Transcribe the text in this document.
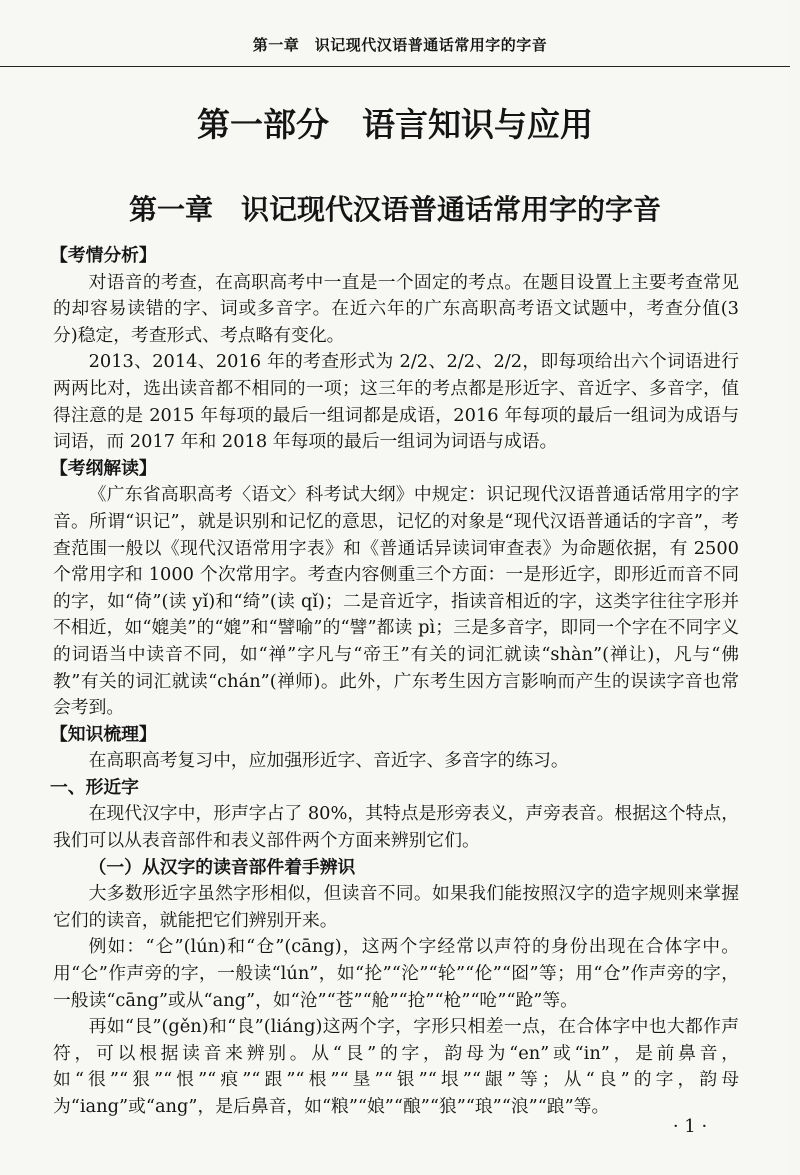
第一章　识记现代汉语普通话常用字的字音
第一部分　语言知识与应用
第一章　识记现代汉语普通话常用字的字音
【考情分析】

对语音的考查，在高职高考中一直是一个固定的考点。在题目设置上主要考查常见的却容易读错的字、词或多音字。在近六年的广东高职高考语文试题中，考查分值(3 分)稳定，考查形式、考点略有变化。

2013、2014、2016 年的考查形式为 2/2、2/2、2/2，即每项给出六个词语进行两两比对，选出读音都不相同的一项；这三年的考点都是形近字、音近字、多音字，值得注意的是 2015 年每项的最后一组词都是成语，2016 年每项的最后一组词为成语与词语，而 2017 年和 2018 年每项的最后一组词为词语与成语。

【考纲解读】

《广东省高职高考〈语文〉科考试大纲》中规定：识记现代汉语普通话常用字的字音。所谓“识记”，就是识别和记忆的意思，记忆的对象是“现代汉语普通话的字音”，考查范围一般以《现代汉语常用字表》和《普通话异读词审查表》为命题依据，有 2500 个常用字和 1000 个次常用字。考查内容侧重三个方面：一是形近字，即形近而音不同的字，如“倚”(读 yǐ)和“绮”(读 qǐ)；二是音近字，指读音相近的字，这类字往往字形并不相近，如“媲美”的“媲”和“譬喻”的“譬”都读 pì；三是多音字，即同一个字在不同字义的词语当中读音不同，如“禅”字凡与“帝王”有关的词汇就读“shàn”(禅让)，凡与“佛教”有关的词汇就读“chán”(禅师)。此外，广东考生因方言影响而产生的误读字音也常会考到。

【知识梳理】

在高职高考复习中，应加强形近字、音近字、多音字的练习。

一、形近字

在现代汉字中，形声字占了 80%，其特点是形旁表义，声旁表音。根据这个特点，我们可以从表音部件和表义部件两个方面来辨别它们。

（一）从汉字的读音部件着手辨识

大多数形近字虽然字形相似，但读音不同。如果我们能按照汉字的造字规则来掌握它们的读音，就能把它们辨别开来。

例如：“仑”(lún)和“仓”(cāng)，这两个字经常以声符的身份出现在合体字中。用“仑”作声旁的字，一般读“lún”，如“抡”“沦”“轮”“伦”“囵”等；用“仓”作声旁的字，一般读“cāng”或从“ang”，如“沧”“苍”“舱”“抢”“枪”“呛”“跄”等。

再如“艮”(gěn)和“良”(liáng)这两个字，字形只相差一点，在合体字中也大都作声符，可以根据读音来辨别。从“艮”的字，韵母为“en”或“in”，是前鼻音，如“很”“狠”“恨”“痕”“跟”“根”“垦”“银”“垠”“龈”等；从“良”的字，韵母为“iang”或“ang”，是后鼻音，如“粮”“娘”“酿”“狼”“琅”“浪”“踉”等。

· 1 ·
